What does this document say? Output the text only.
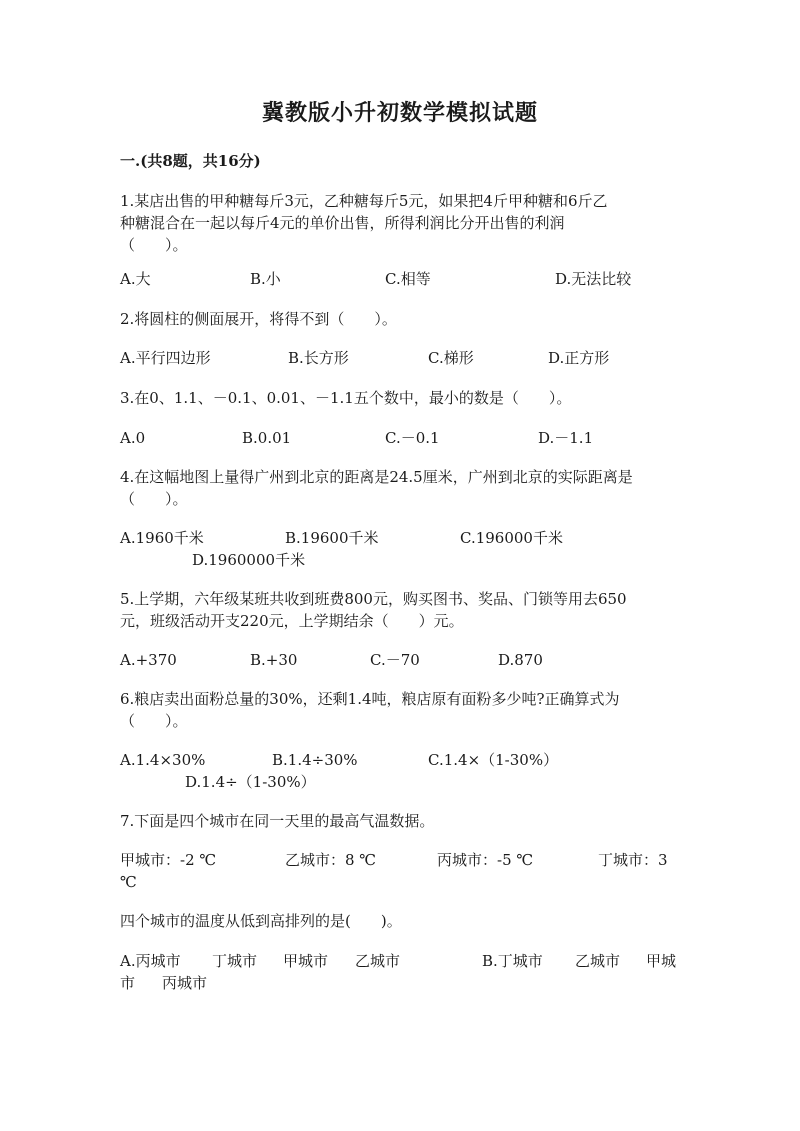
冀教版小升初数学模拟试题
一.(共8题，共16分)
1.某店出售的甲种糖每斤3元，乙种糖每斤5元，如果把4斤甲种糖和6斤乙
种糖混合在一起以每斤4元的单价出售，所得利润比分开出售的利润
（　　）。
A.大	B.小	C.相等	D.无法比较
2.将圆柱的侧面展开，将得不到（　　）。
A.平行四边形	B.长方形	C.梯形	D.正方形
3.在0、1.1、－0.1、0.01、－1.1五个数中，最小的数是（　　）。
A.0	B.0.01	C.－0.1	D.－1.1
4.在这幅地图上量得广州到北京的距离是24.5厘米，广州到北京的实际距离是
（　　）。
A.1960千米	B.19600千米	C.196000千米
D.1960000千米
5.上学期，六年级某班共收到班费800元，购买图书、奖品、门锁等用去650
元，班级活动开支220元，上学期结余（　　）元。
A.+370	B.+30	C.－70	D.870
6.粮店卖出面粉总量的30%，还剩1.4吨，粮店原有面粉多少吨?正确算式为
（　　）。
A.1.4×30%	B.1.4÷30%	C.1.4×（1-30%）
D.1.4÷（1-30%）
7.下面是四个城市在同一天里的最高气温数据。
甲城市：-2 ℃	乙城市：8 ℃	丙城市：-5 ℃	丁城市：3
℃
四个城市的温度从低到高排列的是(　　)。
A.丙城市 丁城市 甲城市 乙城市	B.丁城市 乙城市 甲城
市 丙城市
